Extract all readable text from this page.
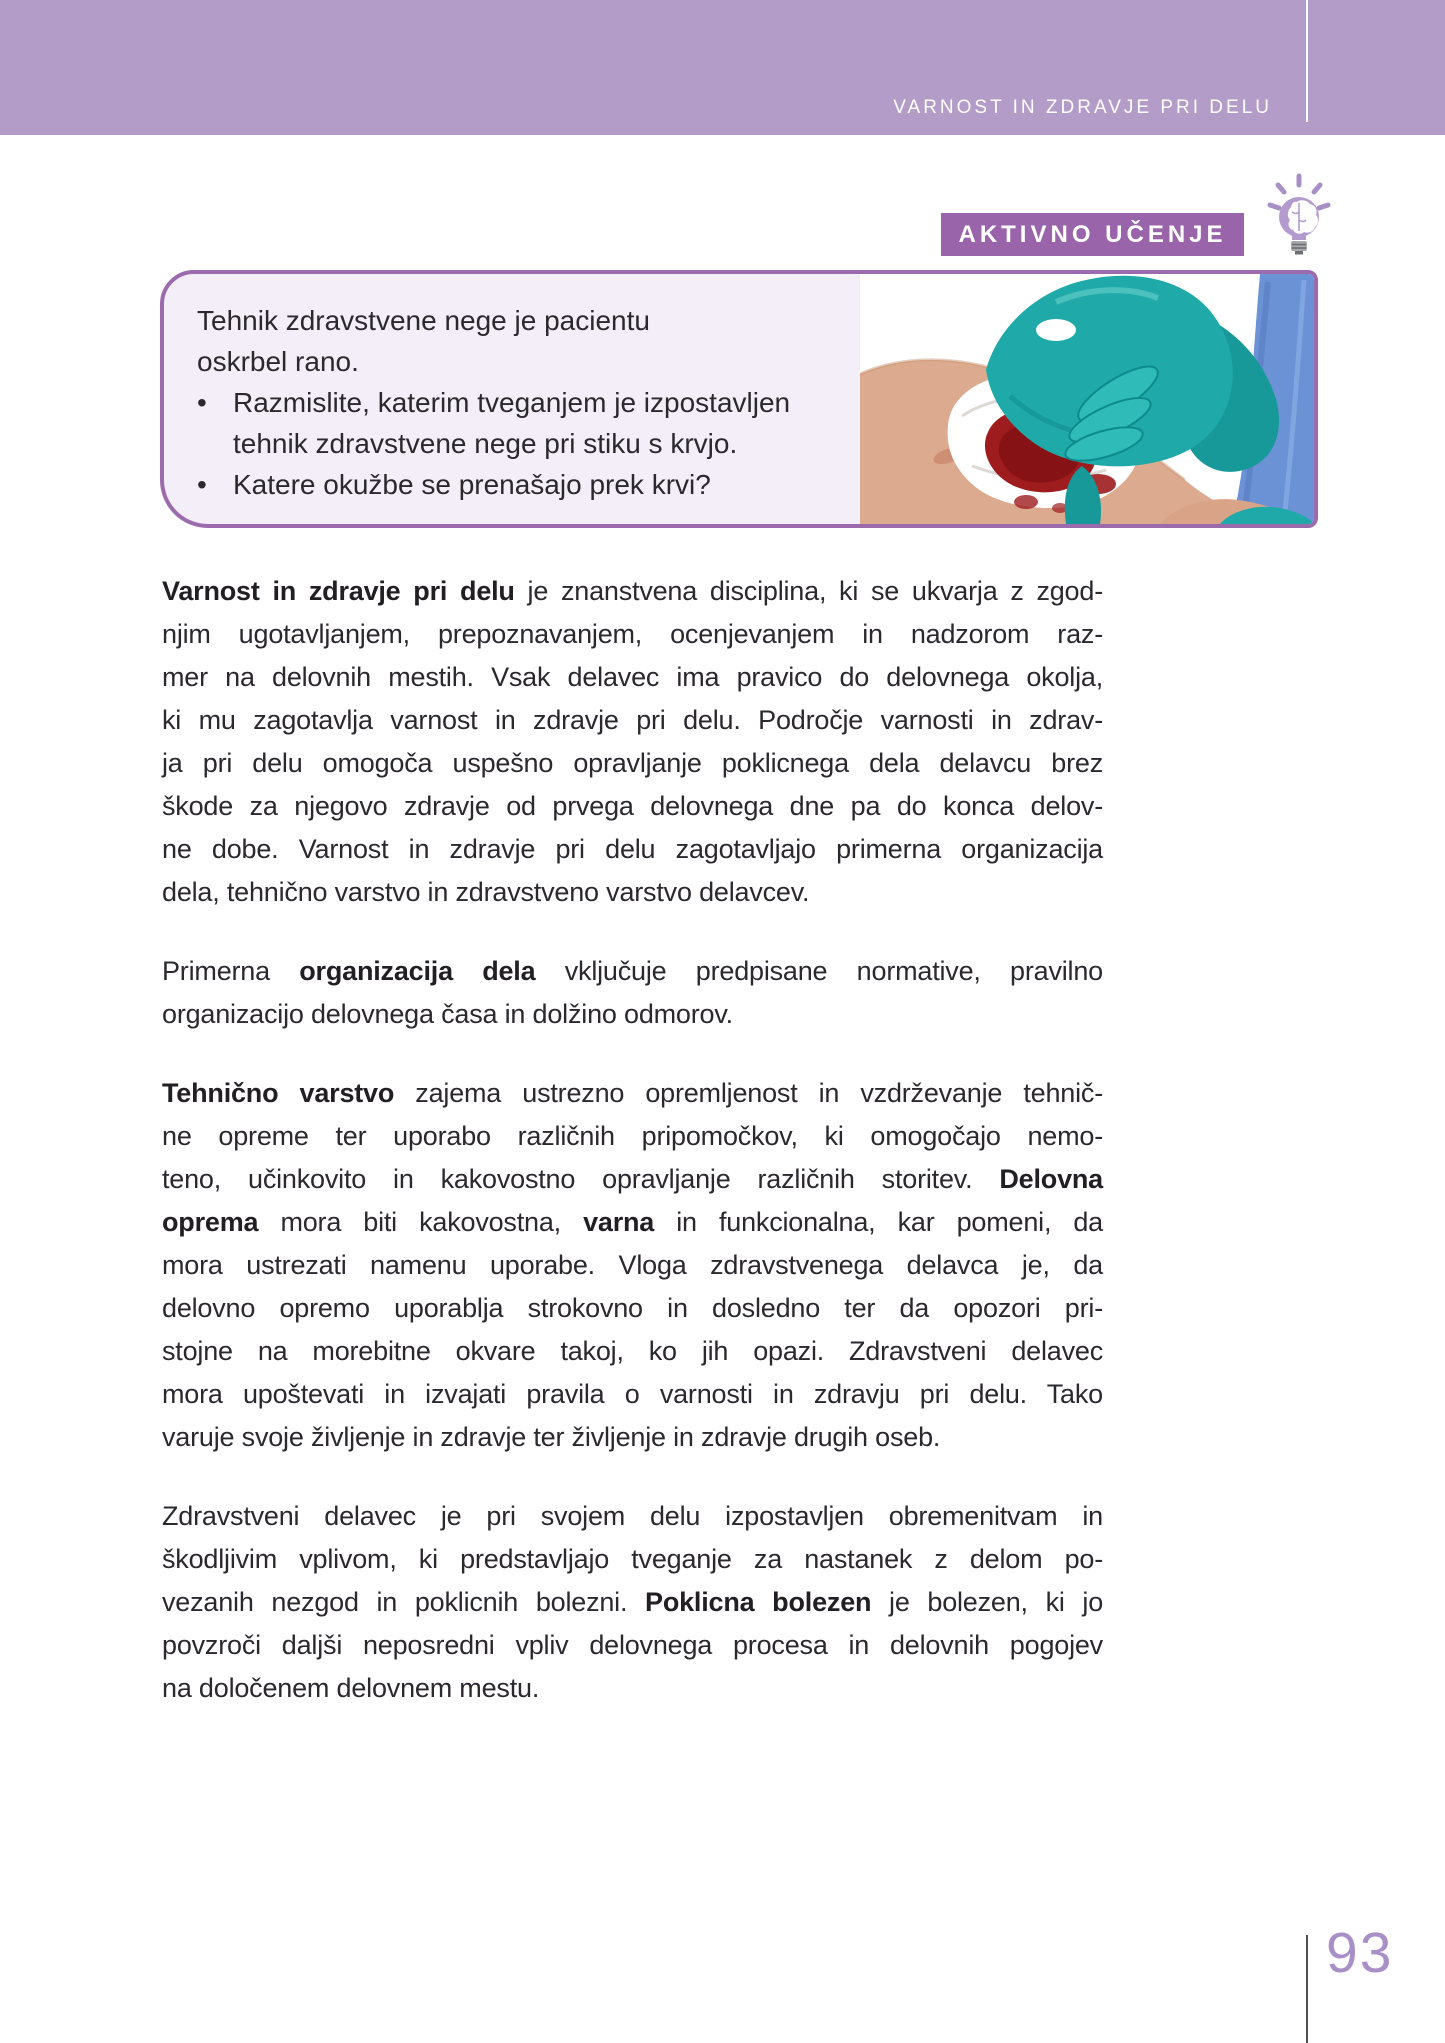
VARNOST IN ZDRAVJE PRI DELU
AKTIVNO UČENJE
Tehnik zdravstvene nege je pacientu
oskrbel rano.
• Razmislite, katerim tveganjem je izpostavljen
tehnik zdravstvene nege pri stiku s krvjo.
• Katere okužbe se prenašajo prek krvi?

Varnost in zdravje pri delu je znanstvena disciplina, ki se ukvarja z zgod-
njim ugotavljanjem, prepoznavanjem, ocenjevanjem in nadzorom raz-
mer na delovnih mestih. Vsak delavec ima pravico do delovnega okolja,
ki mu zagotavlja varnost in zdravje pri delu. Področje varnosti in zdrav-
ja pri delu omogoča uspešno opravljanje poklicnega dela delavcu brez
škode za njegovo zdravje od prvega delovnega dne pa do konca delov-
ne dobe. Varnost in zdravje pri delu zagotavljajo primerna organizacija
dela, tehnično varstvo in zdravstveno varstvo delavcev.

Primerna organizacija dela vključuje predpisane normative, pravilno
organizacijo delovnega časa in dolžino odmorov.

Tehnično varstvo zajema ustrezno opremljenost in vzdrževanje tehnič-
ne opreme ter uporabo različnih pripomočkov, ki omogočajo nemo-
teno, učinkovito in kakovostno opravljanje različnih storitev. Delovna
oprema mora biti kakovostna, varna in funkcionalna, kar pomeni, da
mora ustrezati namenu uporabe. Vloga zdravstvenega delavca je, da
delovno opremo uporablja strokovno in dosledno ter da opozori pri-
stojne na morebitne okvare takoj, ko jih opazi. Zdravstveni delavec
mora upoštevati in izvajati pravila o varnosti in zdravju pri delu. Tako
varuje svoje življenje in zdravje ter življenje in zdravje drugih oseb.

Zdravstveni delavec je pri svojem delu izpostavljen obremenitvam in
škodljivim vplivom, ki predstavljajo tveganje za nastanek z delom po-
vezanih nezgod in poklicnih bolezni. Poklicna bolezen je bolezen, ki jo
povzroči daljši neposredni vpliv delovnega procesa in delovnih pogojev
na določenem delovnem mestu.

93
